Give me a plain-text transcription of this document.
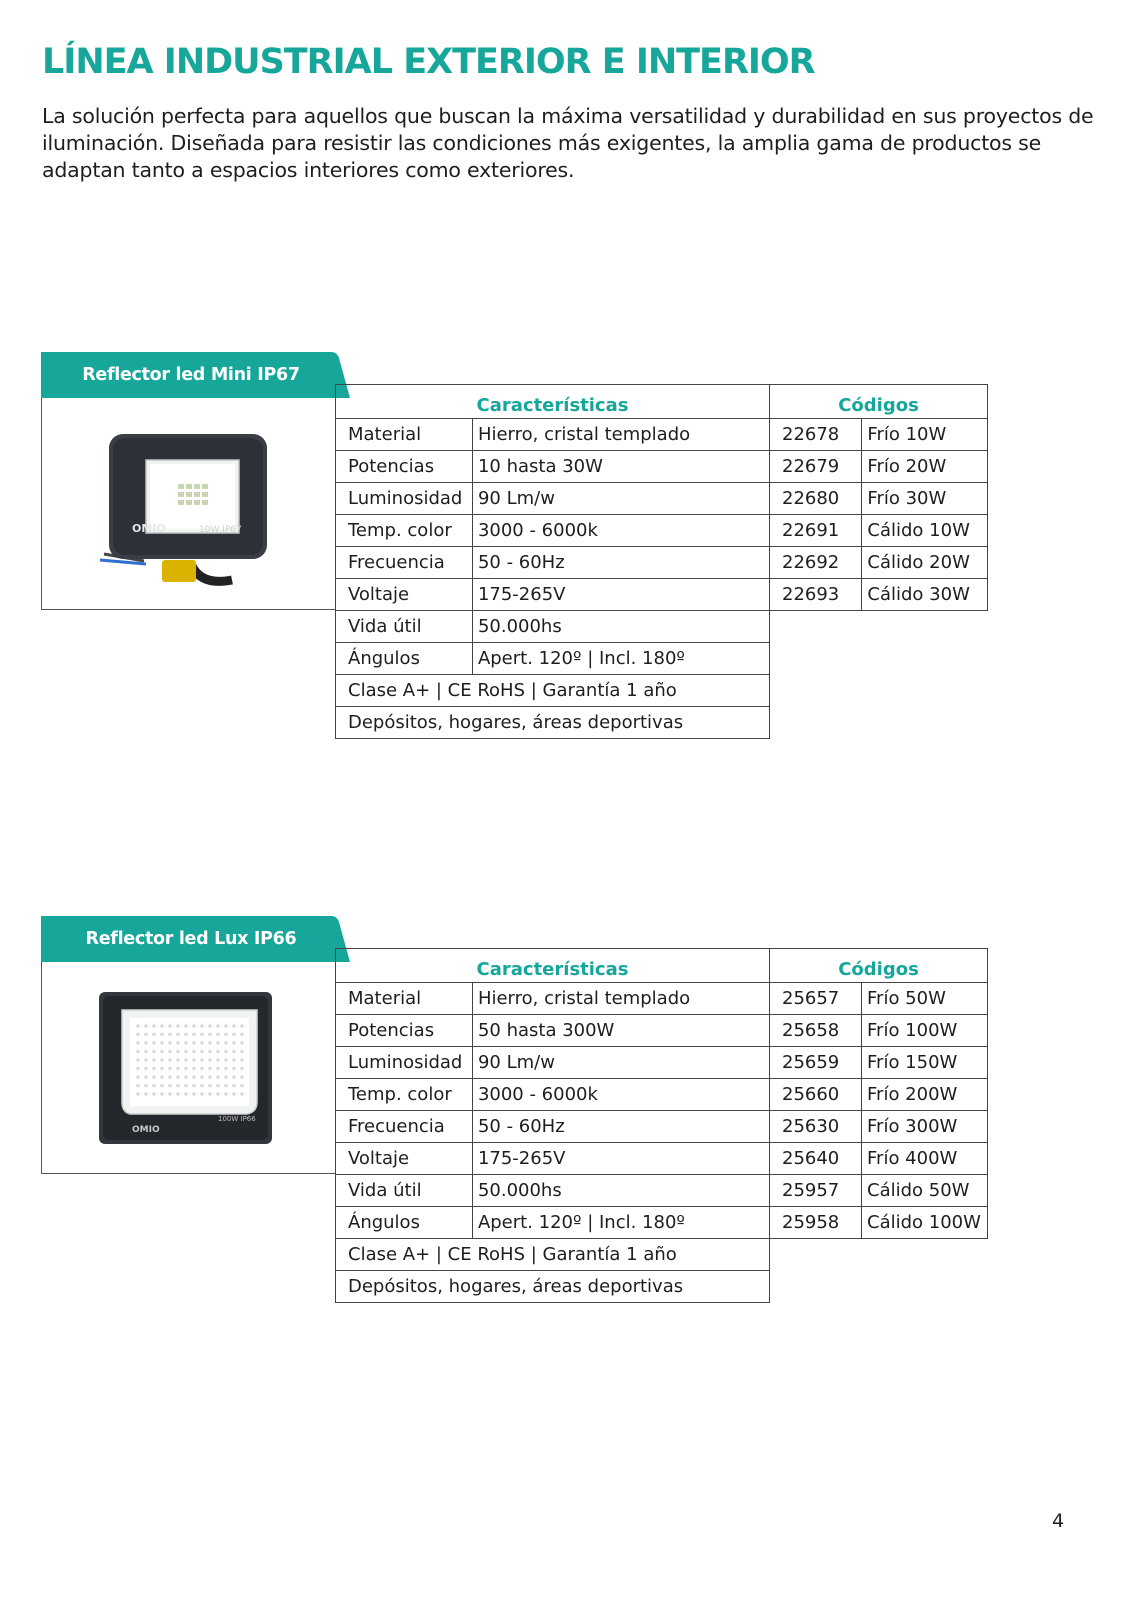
LÍNEA INDUSTRIAL EXTERIOR E INTERIOR

La solución perfecta para aquellos que buscan la máxima versatilidad y durabilidad en sus proyectos de iluminación. Diseñada para resistir las condiciones más exigentes, la amplia gama de productos se adaptan tanto a espacios interiores como exteriores.

Reflector led Mini IP67
OMIO	10W IP67
Características	
Material	Hierro, cristal templado
Potencias	10 hasta 30W
Luminosidad	90 Lm/w
Temp. color	3000 - 6000k
Frecuencia	50 - 60Hz
Voltaje	175-265V
Vida útil	50.000hs
Ángulos	Apert. 120º | Incl. 180º
Clase A+ | CE RoHS | Garantía 1 año	
Depósitos, hogares, áreas deportivas	
Códigos	
22678	Frío 10W
22679	Frío 20W
22680	Frío 30W
22691	Cálido 10W
22692	Cálido 20W
22693	Cálido 30W
Reflector led Lux IP66
OMIO
100W IP66
Características	
Material	Hierro, cristal templado
Potencias	50 hasta 300W
Luminosidad	90 Lm/w
Temp. color	3000 - 6000k
Frecuencia	50 - 60Hz
Voltaje	175-265V
Vida útil	50.000hs
Ángulos	Apert. 120º | Incl. 180º
Clase A+ | CE RoHS | Garantía 1 año	
Depósitos, hogares, áreas deportivas	
Códigos	
25657	Frío 50W
25658	Frío 100W
25659	Frío 150W
25660	Frío 200W
25630	Frío 300W
25640	Frío 400W
25957	Cálido 50W
25958	Cálido 100W
4
